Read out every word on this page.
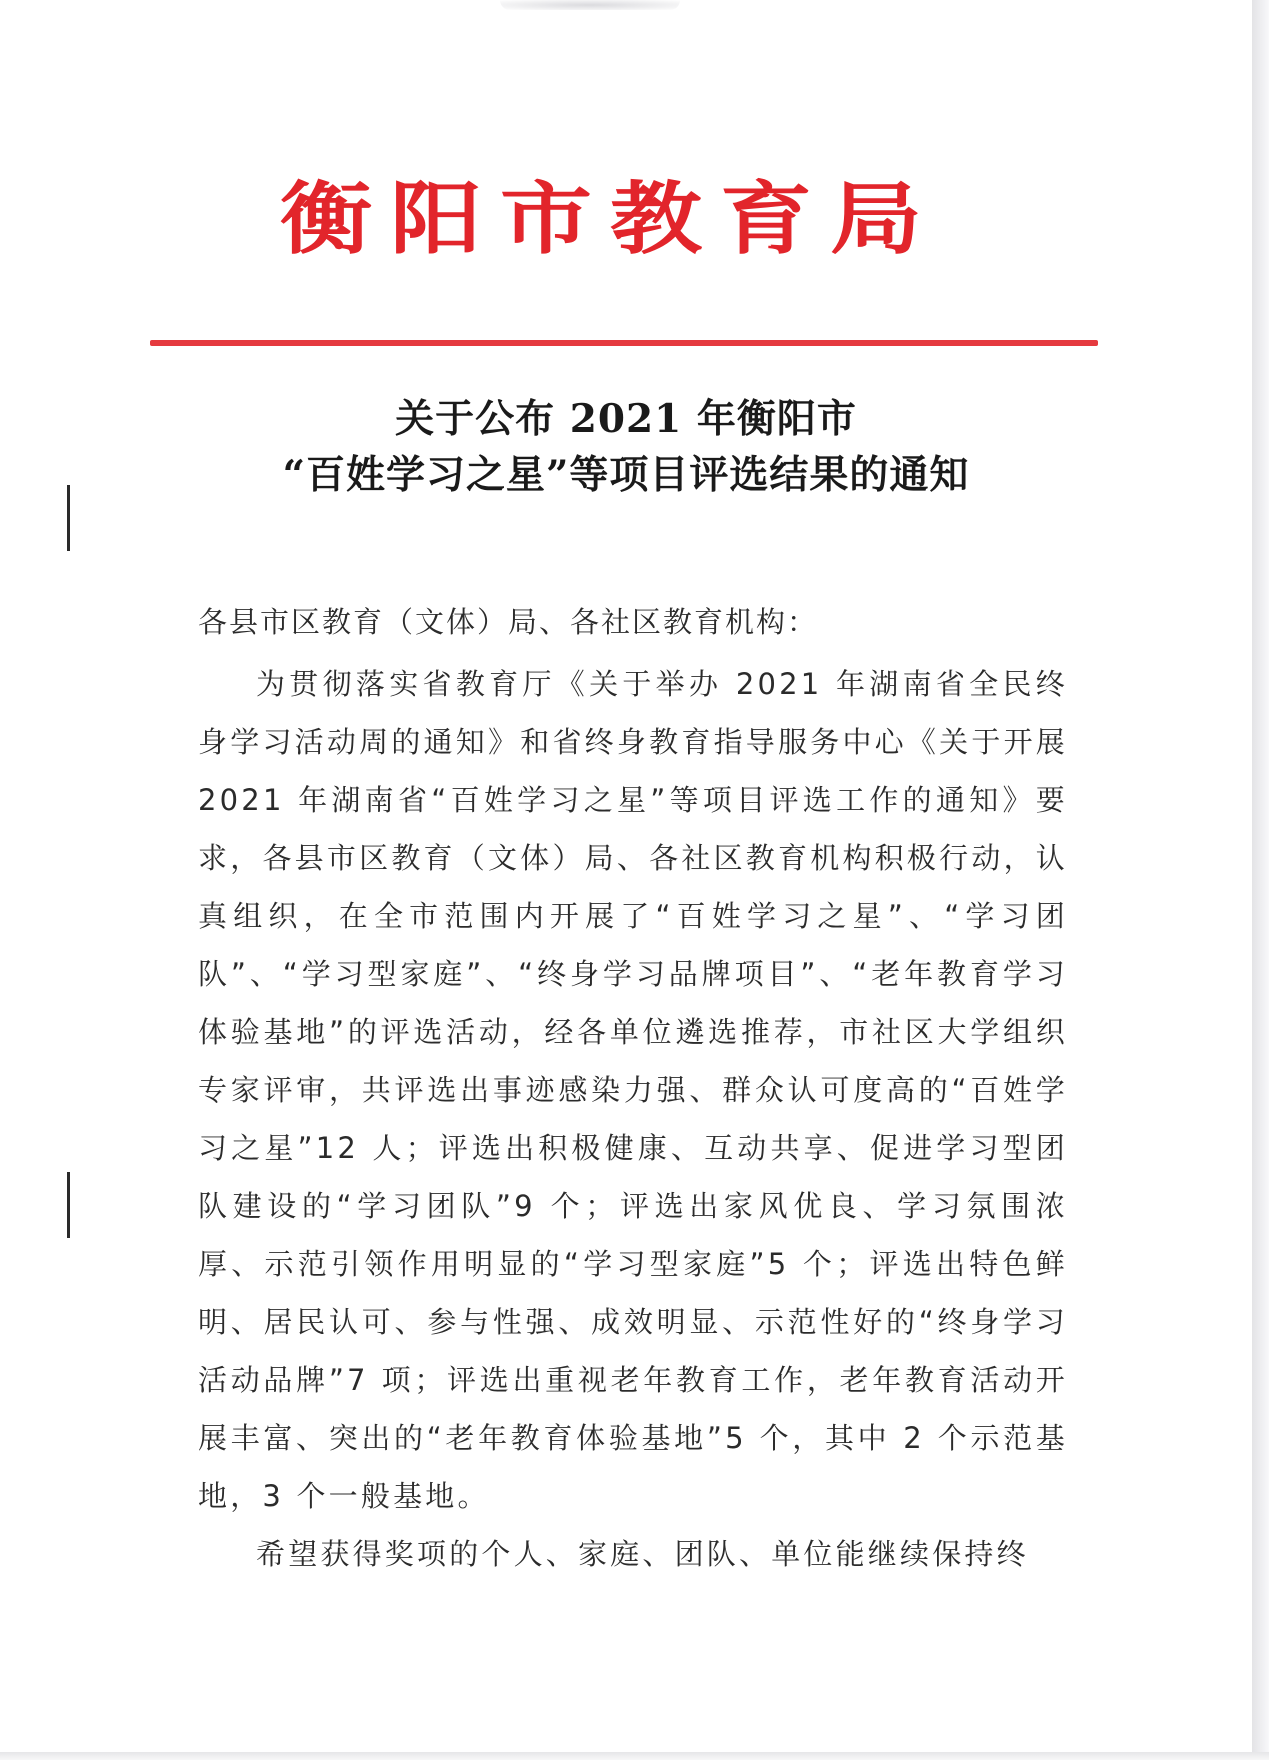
衡阳市教育局
关于公布 2021 年衡阳市
“百姓学习之星”等项目评选结果的通知
各县市区教育（文体）局、各社区教育机构：

为贯彻落实省教育厅《关于举办 2021 年湖南省全民终身学习活动周的通知》和省终身教育指导服务中心《关于开展 2021 年湖南省“百姓学习之星”等项目评选工作的通知》要求，各县市区教育（文体）局、各社区教育机构积极行动，认真组织，在全市范围内开展了“百姓学习之星”、“学习团队”、“学习型家庭”、“终身学习品牌项目”、“老年教育学习体验基地”的评选活动，经各单位遴选推荐，市社区大学组织专家评审，共评选出事迹感染力强、群众认可度高的“百姓学习之星”12 人；评选出积极健康、互动共享、促进学习型团队建设的“学习团队”9 个；评选出家风优良、学习氛围浓厚、示范引领作用明显的“学习型家庭”5 个；评选出特色鲜明、居民认可、参与性强、成效明显、示范性好的“终身学习活动品牌”7 项；评选出重视老年教育工作，老年教育活动开展丰富、突出的“老年教育体验基地”5 个，其中 2 个示范基地，3 个一般基地。

希望获得奖项的个人、家庭、团队、单位能继续保持终
